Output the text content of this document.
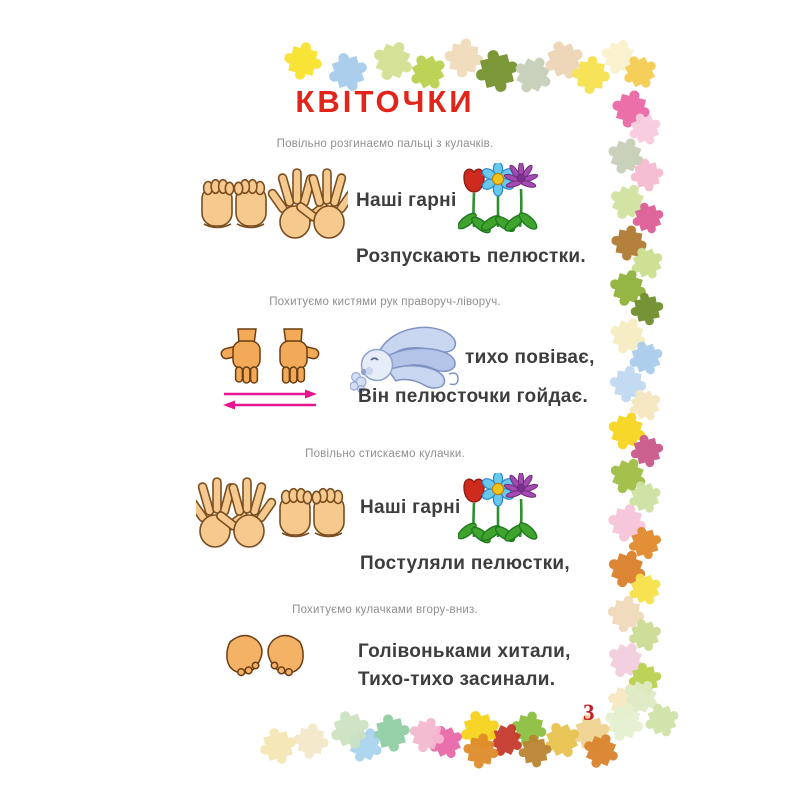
КВІТОЧКИ
Повільно розгинаємо пальці з кулачків.
Наші гарні
Розпускають пелюстки.
Похитуємо кистями рук праворуч-ліворуч.
тихо повіває,
Він пелюсточки гойдає.
Повільно стискаємо кулачки.
Наші гарні
Постуляли пелюстки,
Похитуємо кулачками вгору-вниз.
Голівоньками хитали,
Тихо-тихо засинали.
3
